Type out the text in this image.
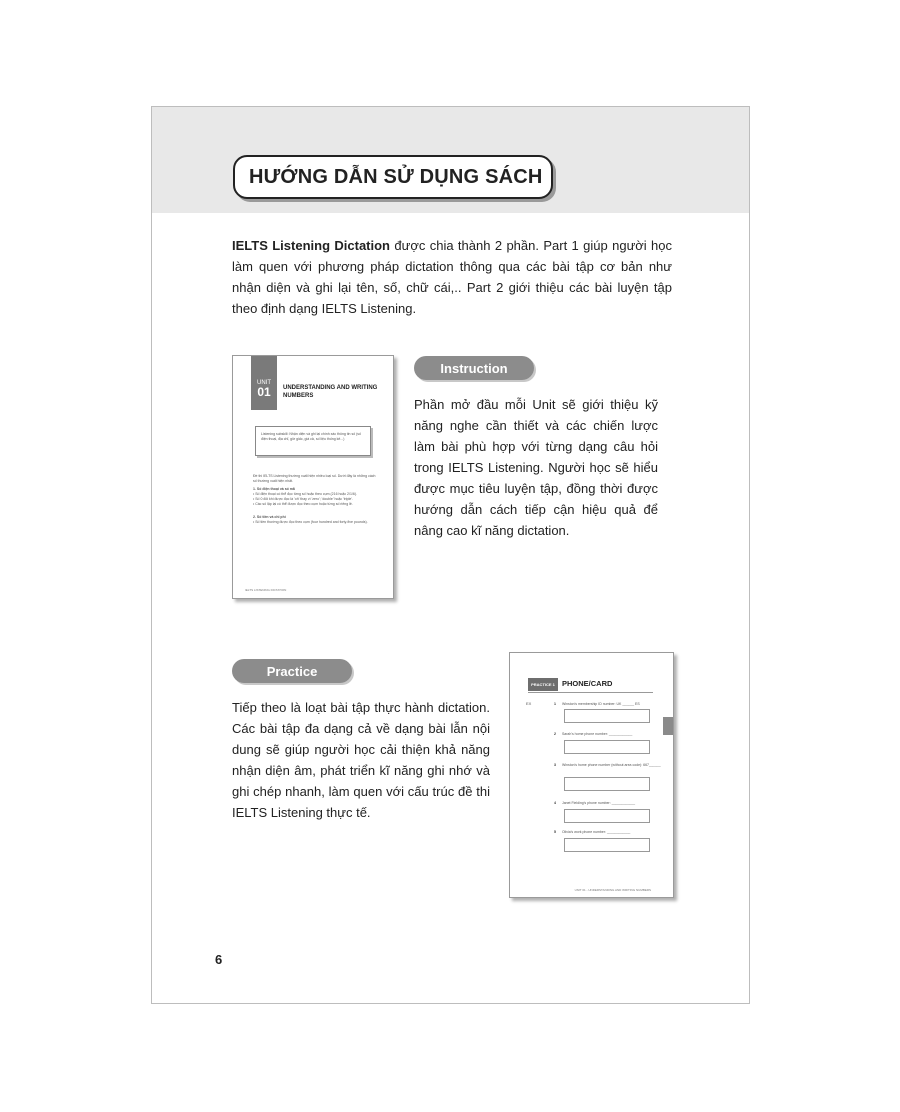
HƯỚNG DẪN SỬ DỤNG SÁCH
IELTS Listening Dictation được chia thành 2 phần. Part 1 giúp người học làm quen với phương pháp dictation thông qua các bài tập cơ bản như nhận diện và ghi lại tên, số, chữ cái,.. Part 2 giới thiệu các bài luyện tập theo định dạng IELTS Listening.
UNIT
01	UNDERSTANDING AND WRITING NUMBERS
Listening subskill: Nhận diện và ghi lại chính xác thông tin số (số điện thoại, địa chỉ, giờ giấc, giá cả, số liệu thống kê...)
Đề thi IELTS Listening thường xuất hiện nhiều loại số. Dưới đây là những cách số thường xuất hiện nhất.
1. Số điện thoại và số mã
• Số điện thoại có thể đọc từng số hoặc theo cụm (216 hoặc 2/1/6).
• Số 0 đôi khi được đọc là 'oh' thay vì 'zero'; 'double' hoặc 'triple'.
• Các số lặp lại có thể được đọc theo cụm hoặc từng số riêng lẻ.
2. Số tiền và chi phí
• Số tiền thường được đọc theo cụm (four hundred and forty-five pounds).
IELTS LISTENING DICTATION
Instruction
Phần mở đầu mỗi Unit sẽ giới thiệu kỹ năng nghe cần thiết và các chiến lược làm bài phù hợp với từng dạng câu hỏi trong IELTS Listening. Người học sẽ hiểu được mục tiêu luyện tập, đồng thời được hướng dẫn cách tiếp cận hiệu quả để nâng cao kĩ năng dictation.
Practice
Tiếp theo là loạt bài tập thực hành dictation. Các bài tập đa dạng cả về dạng bài lẫn nội dung sẽ giúp người học cải thiện khả năng nhận diện âm, phát triển kĩ năng ghi nhớ và ghi chép nhanh, làm quen với cấu trúc đề thi IELTS Listening thực tế.
PRACTICE 1 PHONE/CARD
EX	1 Winston's membership ID number: UK ______ ES
2 Sarah's home phone number: ____________
3 Winston's home phone number (without area code): 667______
4 Janet Fielding's phone number: ____________
5 Olivia's work phone number: ____________
UNIT 01 - UNDERSTANDING AND WRITING NUMBERS
6
